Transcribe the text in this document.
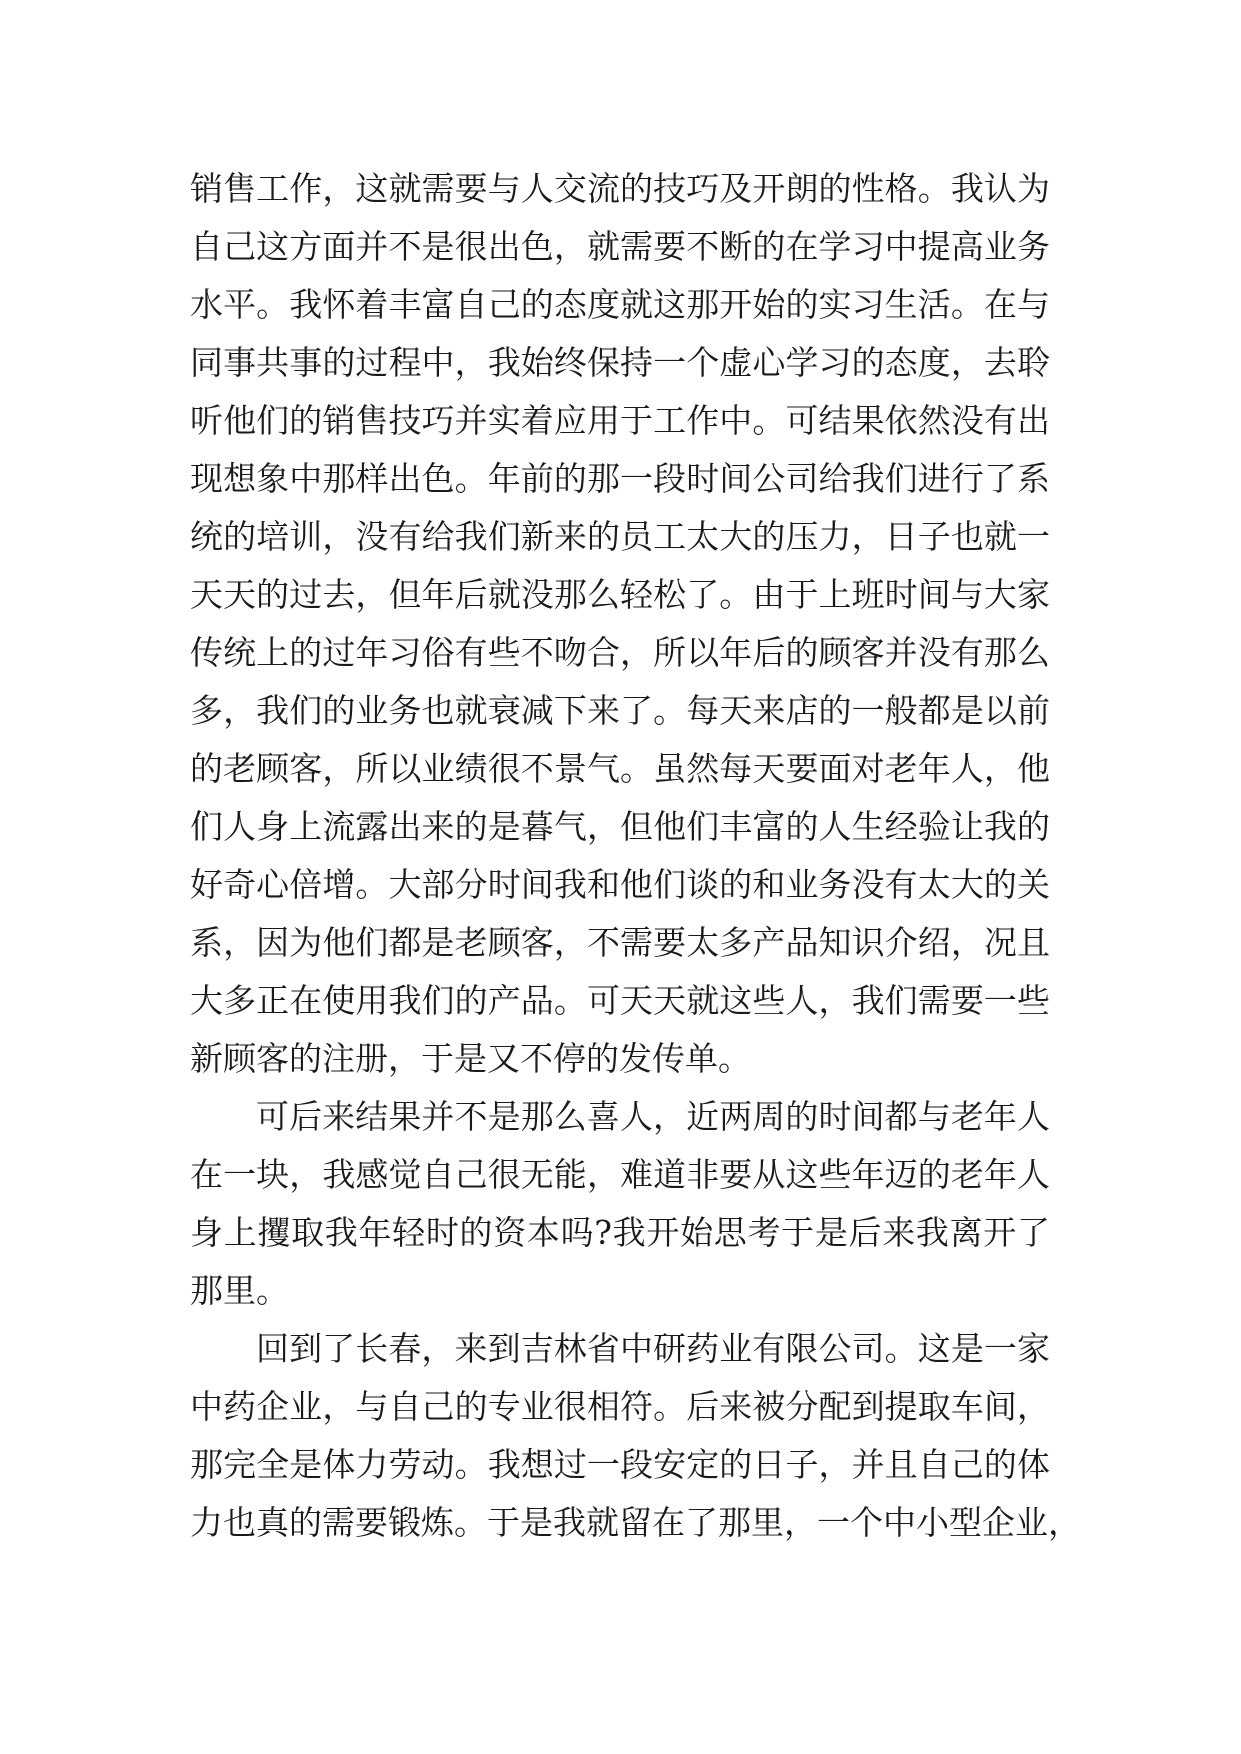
销售工作，这就需要与人交流的技巧及开朗的性格。我认为
自己这方面并不是很出色，就需要不断的在学习中提高业务
水平。我怀着丰富自己的态度就这那开始的实习生活。在与
同事共事的过程中，我始终保持一个虚心学习的态度，去聆
听他们的销售技巧并实着应用于工作中。可结果依然没有出
现想象中那样出色。年前的那一段时间公司给我们进行了系
统的培训，没有给我们新来的员工太大的压力，日子也就一
天天的过去，但年后就没那么轻松了。由于上班时间与大家
传统上的过年习俗有些不吻合，所以年后的顾客并没有那么
多，我们的业务也就衰减下来了。每天来店的一般都是以前
的老顾客，所以业绩很不景气。虽然每天要面对老年人，他
们人身上流露出来的是暮气，但他们丰富的人生经验让我的
好奇心倍增。大部分时间我和他们谈的和业务没有太大的关
系，因为他们都是老顾客，不需要太多产品知识介绍，况且
大多正在使用我们的产品。可天天就这些人，我们需要一些
新顾客的注册，于是又不停的发传单。
可后来结果并不是那么喜人，近两周的时间都与老年人
在一块，我感觉自己很无能，难道非要从这些年迈的老年人
身上攫取我年轻时的资本吗?我开始思考于是后来我离开了
那里。
回到了长春，来到吉林省中研药业有限公司。这是一家
中药企业，与自己的专业很相符。后来被分配到提取车间，
那完全是体力劳动。我想过一段安定的日子，并且自己的体
力也真的需要锻炼。于是我就留在了那里，一个中小型企业，
